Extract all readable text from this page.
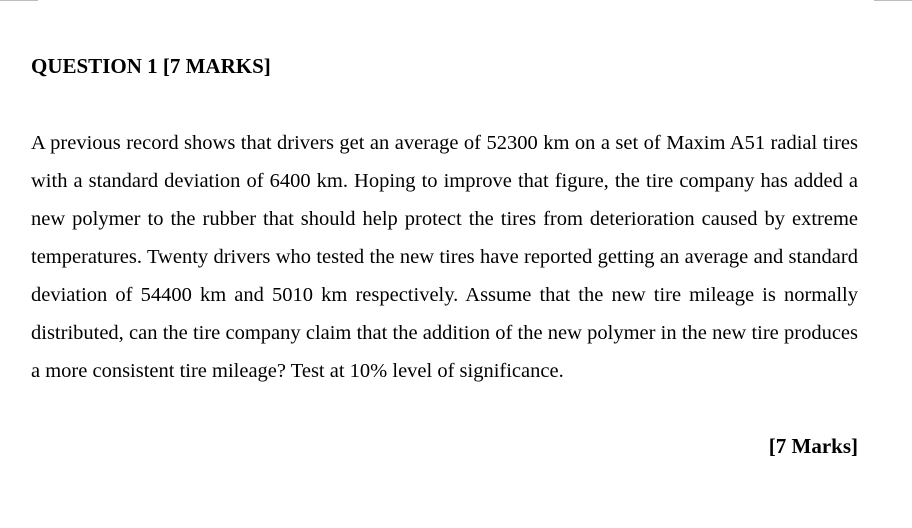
QUESTION 1 [7 MARKS]

A previous record shows that drivers get an average of 52300 km on a set of Maxim A51 radial tires with a standard deviation of 6400 km. Hoping to improve that figure, the tire company has added a new polymer to the rubber that should help protect the tires from deterioration caused by extreme temperatures. Twenty drivers who tested the new tires have reported getting an average and standard deviation of 54400 km and 5010 km respectively. Assume that the new tire mileage is normally distributed, can the tire company claim that the addition of the new polymer in the new tire produces a more consistent tire mileage? Test at 10% level of significance.

[7 Marks]
